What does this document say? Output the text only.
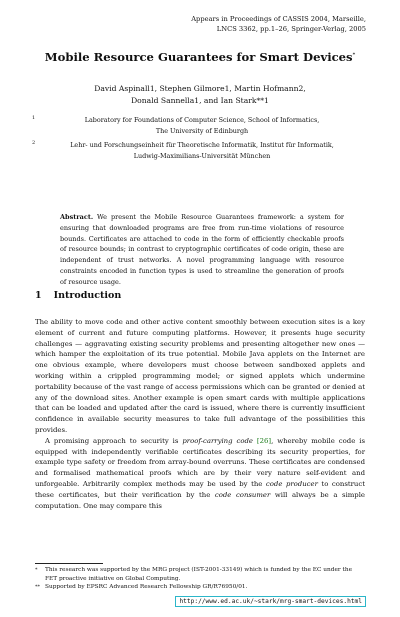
Appears in Proceedings of CASSIS 2004, Marseille,
LNCS 3362, pp.1–26, Springer-Verlag, 2005
Mobile Resource Guarantees for Smart Devices*
David Aspinall1, Stephen Gilmore1, Martin Hofmann2,
Donald Sannella1, and Ian Stark**1
1	Laboratory for Foundations of Computer Science, School of Informatics,
The University of Edinburgh
2	Lehr- und Forschungseinheit für Theoretische Informatik, Institut für Informatik,
Ludwig-Maximilians-Universität München
Abstract. We present the Mobile Resource Guarantees framework: a system for ensuring that downloaded programs are free from run-time violations of resource bounds. Certificates are attached to code in the form of efficiently checkable proofs of resource bounds; in contrast to cryptographic certificates of code origin, these are independent of trust networks. A novel programming language with resource constraints encoded in function types is used to streamline the generation of proofs of resource usage.
1 Introduction

The ability to move code and other active content smoothly between execution sites is a key element of current and future computing platforms. However, it presents huge security challenges — aggravating existing security problems and presenting altogether new ones — which hamper the exploitation of its true potential. Mobile Java applets on the Internet are one obvious example, where developers must choose between sandboxed applets and working within a crippled programming model; or signed applets which undermine portability because of the vast range of access permissions which can be granted or denied at any of the download sites. Another example is open smart cards with multiple applications that can be loaded and updated after the card is issued, where there is currently insufficient confidence in available security measures to take full advantage of the possibilities this provides.

A promising approach to security is proof-carrying code [26], whereby mobile code is equipped with independently verifiable certificates describing its security properties, for example type safety or freedom from array-bound overruns. These certificates are condensed and formalised mathematical proofs which are by their very nature self-evident and unforgeable. Arbitrarily complex methods may be used by the code producer to construct these certificates, but their verification by the code consumer will always be a simple computation. One may compare this

* This research was supported by the MRG project (IST-2001-33149) which is funded by the EC under the FET proactive initiative on Global Computing.

** Supported by EPSRC Advanced Research Fellowship GR/R76950/01.

http://www.ed.ac.uk/~stark/mrg-smart-devices.html
